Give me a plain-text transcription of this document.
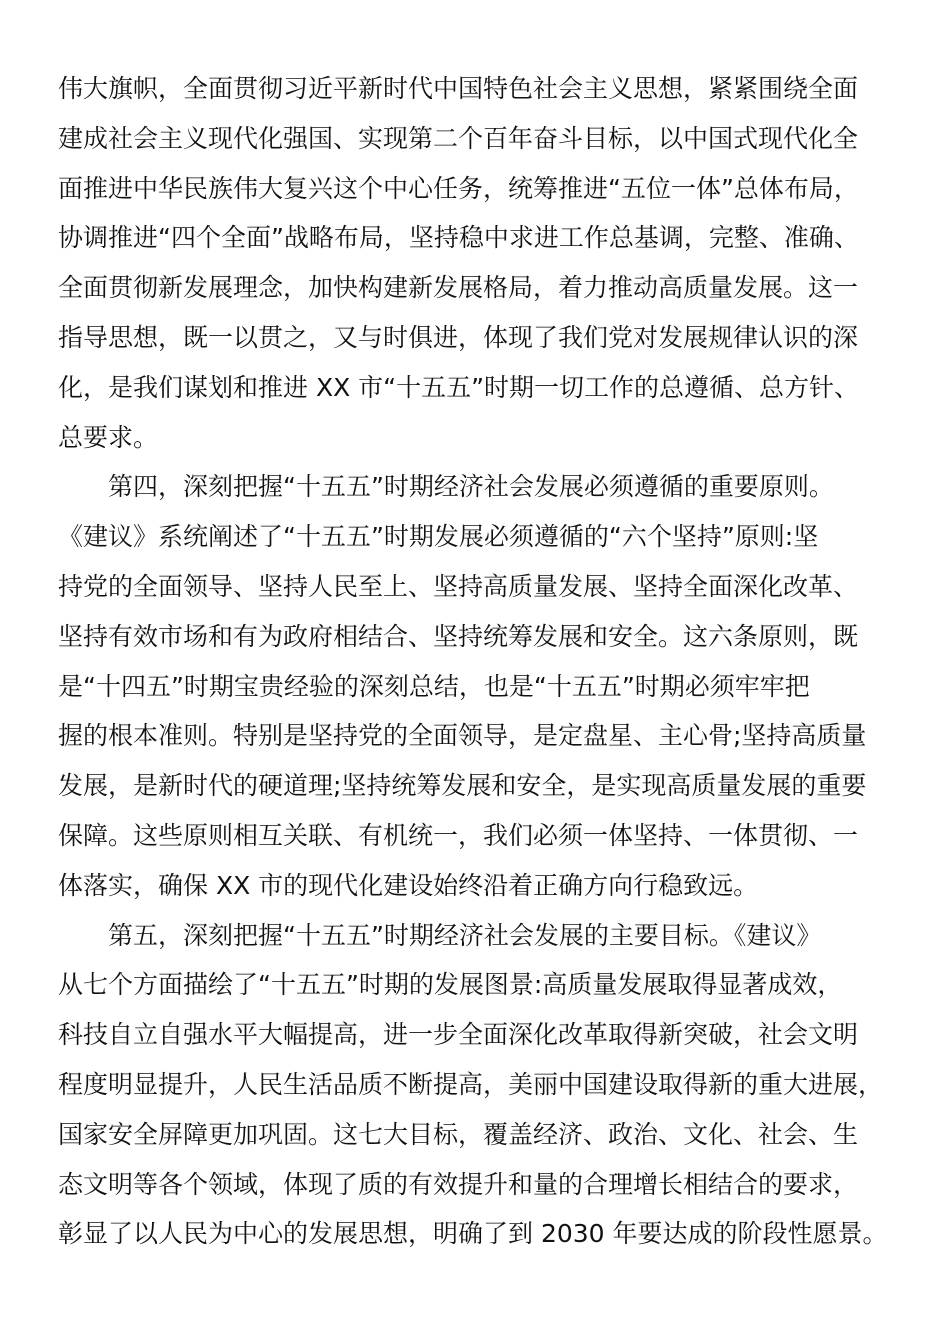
伟大旗帜，全面贯彻习近平新时代中国特色社会主义思想，紧紧围绕全面
建成社会主义现代化强国、实现第二个百年奋斗目标，以中国式现代化全
面推进中华民族伟大复兴这个中心任务，统筹推进“五位一体”总体布局，
协调推进“四个全面”战略布局，坚持稳中求进工作总基调，完整、准确、
全面贯彻新发展理念，加快构建新发展格局，着力推动高质量发展。这一
指导思想，既一以贯之，又与时俱进，体现了我们党对发展规律认识的深
化，是我们谋划和推进 XX 市“十五五”时期一切工作的总遵循、总方针、
总要求。
第四，深刻把握“十五五”时期经济社会发展必须遵循的重要原则。
《建议》系统阐述了“十五五”时期发展必须遵循的“六个坚持”原则:坚
持党的全面领导、坚持人民至上、坚持高质量发展、坚持全面深化改革、
坚持有效市场和有为政府相结合、坚持统筹发展和安全。这六条原则，既
是“十四五”时期宝贵经验的深刻总结，也是“十五五”时期必须牢牢把
握的根本准则。特别是坚持党的全面领导，是定盘星、主心骨;坚持高质量
发展，是新时代的硬道理;坚持统筹发展和安全，是实现高质量发展的重要
保障。这些原则相互关联、有机统一，我们必须一体坚持、一体贯彻、一
体落实，确保 XX 市的现代化建设始终沿着正确方向行稳致远。
第五，深刻把握“十五五”时期经济社会发展的主要目标。《建议》
从七个方面描绘了“十五五”时期的发展图景:高质量发展取得显著成效，
科技自立自强水平大幅提高，进一步全面深化改革取得新突破，社会文明
程度明显提升，人民生活品质不断提高，美丽中国建设取得新的重大进展，
国家安全屏障更加巩固。这七大目标，覆盖经济、政治、文化、社会、生
态文明等各个领域，体现了质的有效提升和量的合理增长相结合的要求，
彰显了以人民为中心的发展思想，明确了到 2030 年要达成的阶段性愿景。
